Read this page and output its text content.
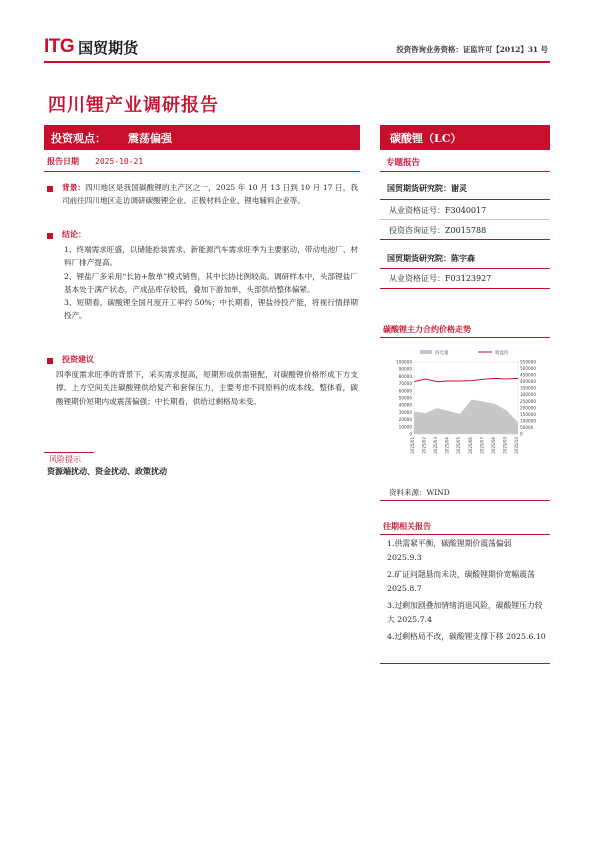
ITG 国贸期货	投资咨询业务资格：证监许可【2012】31 号
四川锂产业调研报告
投资观点： 震荡偏强
报告日期 2025-10-21
背景：四川地区是我国碳酸锂的主产区之一，2025 年 10 月 13 日到 10 月 17 日，我司前往四川地区走访调研碳酸锂企业、正极材料企业、锂电辅料企业等。
结论：

1、终端需求旺盛，以储能抢装需求、新能源汽车需求旺季为主要驱动，带动电池厂、材料厂排产提高。

2、锂盐厂多采用“长协+散单”模式销售，其中长协比例较高。调研样本中，头部锂盐厂基本处于满产状态，产成品库存较低，叠加下游加单，头部供给整体偏紧。

3、短期看，碳酸锂全国月度开工率约 50%；中长期看，锂盐待投产能，将视行情择期投产。

投资建议
四季度需求旺季的背景下，采买需求提高，短期形成供需错配，对碳酸锂价格形成下方支撑。上方空间关注碳酸锂供给复产和套保压力，主要考虑不同原料的成本线。整体看，碳酸锂期价短期内或震荡偏强；中长期看，供给过剩格局未变。
风险提示
资源端扰动、资金扰动、政策扰动
碳酸锂（LC）
专题报告
国贸期货研究院：谢灵
从业资格证号：F3040017
投资咨询证号：Z0015788
国贸期货研究院：陈宇森
从业资格证号：F03123927
碳酸锂主力合约价格走势
0
10000
20000
30000
40000
50000
60000
70000
80000
90000
100000
0
50000
100000
150000
200000
250000
300000
350000
400000
450000
500000
550000
2025/01 2025/02 2025/03 2025/04 2025/05 2025/06 2025/07 2025/08 2025/09 2025/10
持仓量	收盘价
资料来源：WIND
往期相关报告
1.供需紧平衡，碳酸锂期价震荡偏弱 2025.9.3
2.矿证问题悬而未决，碳酸锂期价宽幅震荡 2025.8.7
3.过剩加剧叠加情绪消退风险，碳酸锂压力较大 2025.7.4
4.过剩格局不改，碳酸锂支撑下移 2025.6.10
